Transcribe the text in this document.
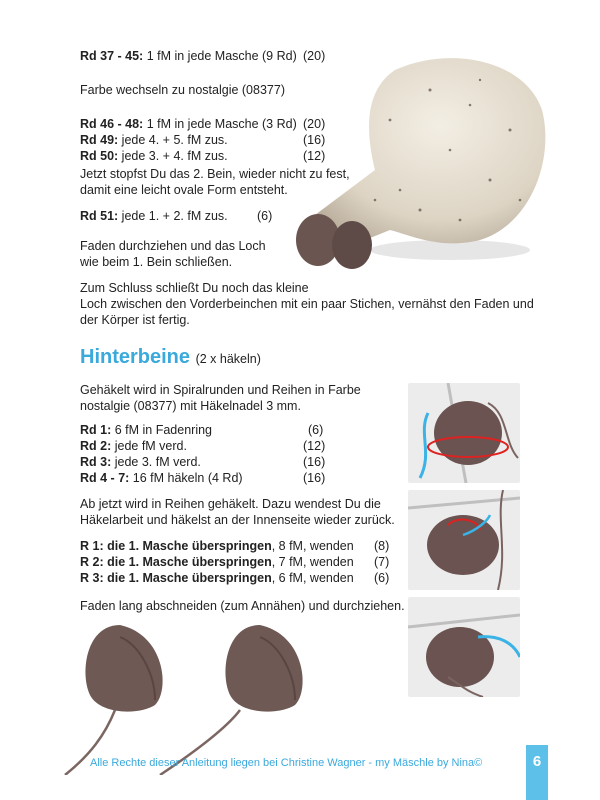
Rd 37 - 45: 1 fM in jede Masche (9 Rd) (20)
Farbe wechseln zu nostalgie (08377)
Rd 46 - 48: 1 fM in jede Masche (3 Rd) (20)
Rd 49: jede 4. + 5. fM zus.	(16)
Rd 50: jede 3. + 4. fM zus.	(12)
Jetzt stopfst Du das 2. Bein, wieder nicht zu fest,
damit eine leicht ovale Form entsteht.
Rd 51: jede 1. + 2. fM zus. (6)
Faden durchziehen und das Loch
wie beim 1. Bein schließen.
Zum Schluss schließt Du noch das kleine
Loch zwischen den Vorderbeinchen mit ein paar Stichen, vernähst den Faden und
der Körper ist fertig.
Hinterbeine (2 x häkeln)
Gehäkelt wird in Spiralrunden und Reihen in Farbe
nostalgie (08377) mit Häkelnadel 3 mm.
Rd 1: 6 fM in Fadenring	(6)
Rd 2: jede fM verd.	(12)
Rd 3: jede 3. fM verd.	(16)
Rd 4 - 7: 16 fM häkeln (4 Rd)	(16)
Ab jetzt wird in Reihen gehäkelt. Dazu wendest Du die
Häkelarbeit und häkelst an der Innenseite wieder zurück.
R 1: die 1. Masche überspringen, 8 fM, wenden (8)
R 2: die 1. Masche überspringen, 7 fM, wenden (7)
R 3: die 1. Masche überspringen, 6 fM, wenden (6)
Faden lang abschneiden (zum Annähen) und durchziehen.
Alle Rechte dieser Anleitung liegen bei Christine Wagner - my Mäschle by Nina©	6
